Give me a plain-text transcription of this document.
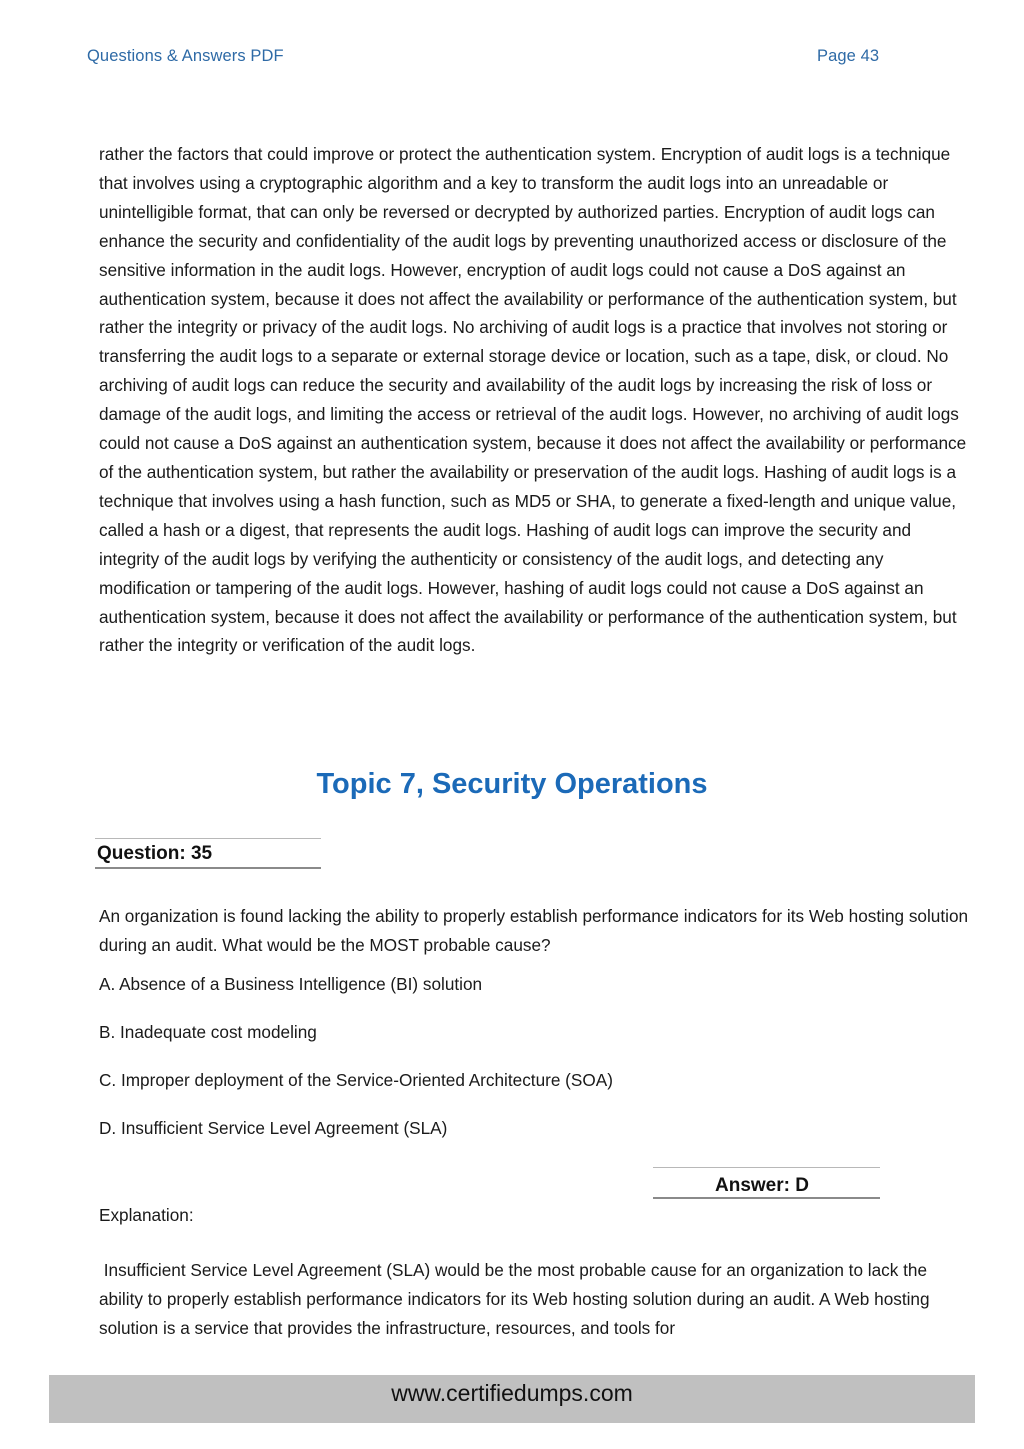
Questions & Answers PDF	Page 43

rather the factors that could improve or protect the authentication system. Encryption of audit logs is a technique that involves using a cryptographic algorithm and a key to transform the audit logs into an unreadable or unintelligible format, that can only be reversed or decrypted by authorized parties. Encryption of audit logs can enhance the security and confidentiality of the audit logs by preventing unauthorized access or disclosure of the sensitive information in the audit logs. However, encryption of audit logs could not cause a DoS against an authentication system, because it does not affect the availability or performance of the authentication system, but rather the integrity or privacy of the audit logs. No archiving of audit logs is a practice that involves not storing or transferring the audit logs to a separate or external storage device or location, such as a tape, disk, or cloud. No archiving of audit logs can reduce the security and availability of the audit logs by increasing the risk of loss or damage of the audit logs, and limiting the access or retrieval of the audit logs. However, no archiving of audit logs could not cause a DoS against an authentication system, because it does not affect the availability or performance of the authentication system, but rather the availability or preservation of the audit logs. Hashing of audit logs is a technique that involves using a hash function, such as MD5 or SHA, to generate a fixed-length and unique value, called a hash or a digest, that represents the audit logs. Hashing of audit logs can improve the security and integrity of the audit logs by verifying the authenticity or consistency of the audit logs, and detecting any modification or tampering of the audit logs. However, hashing of audit logs could not cause a DoS against an authentication system, because it does not affect the availability or performance of the authentication system, but rather the integrity or verification of the audit logs.

Topic 7, Security Operations
Question: 35

An organization is found lacking the ability to properly establish performance indicators for its Web hosting solution during an audit. What would be the MOST probable cause?

A. Absence of a Business Intelligence (BI) solution
B. Inadequate cost modeling
C. Improper deployment of the Service-Oriented Architecture (SOA)
D. Insufficient Service Level Agreement (SLA)
Answer: D
Explanation:

Insufficient Service Level Agreement (SLA) would be the most probable cause for an organization to lack the ability to properly establish performance indicators for its Web hosting solution during an audit. A Web hosting solution is a service that provides the infrastructure, resources, and tools for

www.certifiedumps.com
